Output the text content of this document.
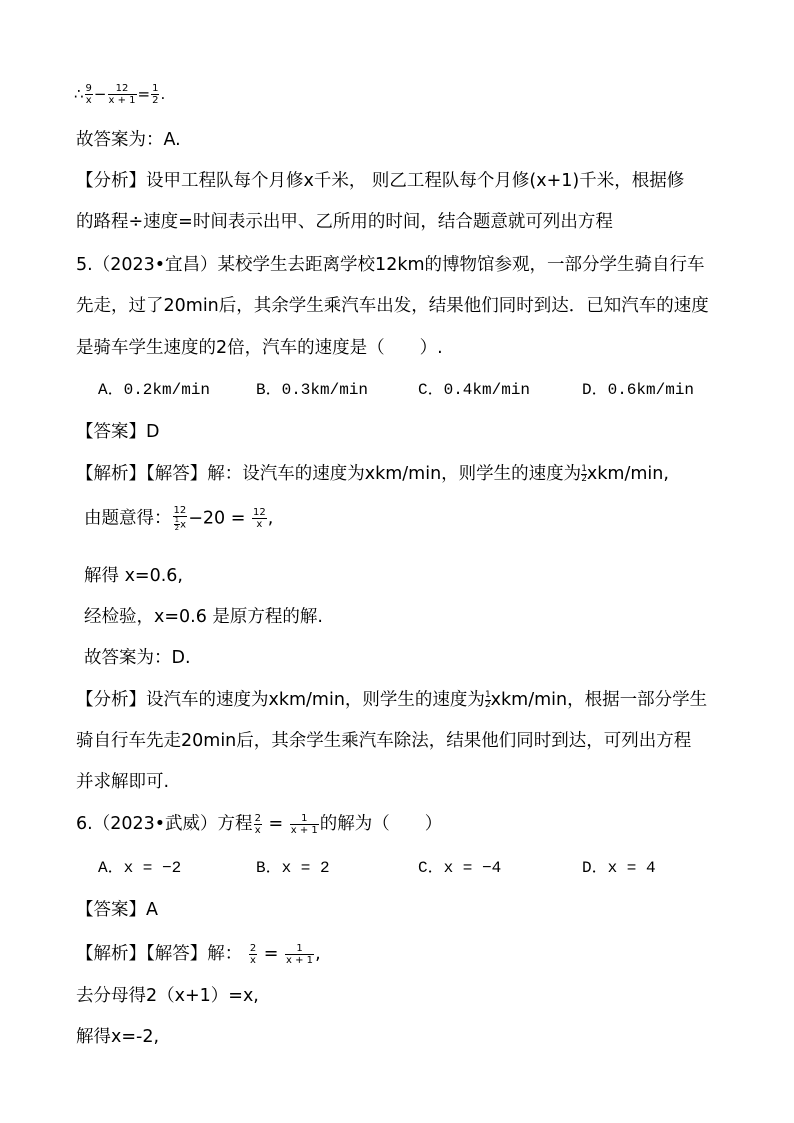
∴ $\frac{9}{x} - \frac{12}{x + 1} = \frac{1}{2}$ .
故答案为：A.
【分析】设甲工程队每个月修x千米， 则乙工程队每个月修(x+1)千米，根据修
的路程÷速度=时间表示出甲、乙所用的时间，结合题意就可列出方程
5.（2023•宜昌）某校学生去距离学校12km的博物馆参观，一部分学生骑自行车
先走，过了20min后，其余学生乘汽车出发，结果他们同时到达．已知汽车的速度
是骑车学生速度的2倍，汽车的速度是（　　）.
A．0.2km/min	B．0.3km/min	C．0.4km/min	D．0.6km/min
【答案】D
【解析】【解答】解：设汽车的速度为xkm/min，则学生的速度为 $\frac{1}{2} xkm/\min$,
由题意得： $\frac{12}{\frac{1}{2} x} -20 = \frac{12}{x}$ ,
解得 x=0.6,
经检验，x=0.6 是原方程的解.
故答案为：D.
【分析】设汽车的速度为xkm/min，则学生的速度为 $\frac{1}{2} xkm/\min$，根据一部分学生
骑自行车先走20min后，其余学生乘汽车除法，结果他们同时到达，可列出方程
并求解即可.
6.（2023•武威）方程 $\frac{2}{x} = \frac{1}{x + 1}$ 的解为（　　）
A．x = −2	B．x = 2	C．x = −4	D．x = 4
【答案】A
【解析】【解答】解： $\frac{2}{x} = \frac{1}{x + 1}$ ,
去分母得2（x+1）=x,
解得x=-2,
